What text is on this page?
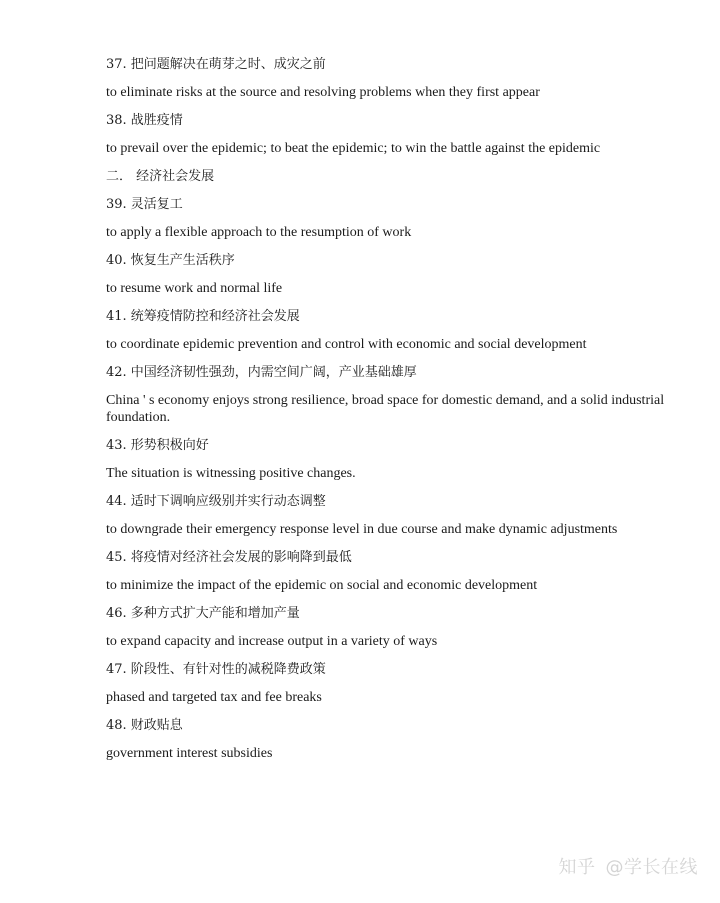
37. 把问题解决在萌芽之时、成灾之前

to eliminate risks at the source and resolving problems when they first appear

38. 战胜疫情

to prevail over the epidemic; to beat the epidemic; to win the battle against the epidemic

二． 经济社会发展

39. 灵活复工

to apply a flexible approach to the resumption of work

40. 恢复生产生活秩序

to resume work and normal life

41. 统筹疫情防控和经济社会发展

to coordinate epidemic prevention and control with economic and social development

42. 中国经济韧性强劲，内需空间广阔，产业基础雄厚

China ' s economy enjoys strong resilience, broad space for domestic demand, and a solid industrial foundation.

43. 形势积极向好

The situation is witnessing positive changes.

44. 适时下调响应级别并实行动态调整

to downgrade their emergency response level in due course and make dynamic adjustments

45. 将疫情对经济社会发展的影响降到最低

to minimize the impact of the epidemic on social and economic development

46. 多种方式扩大产能和增加产量

to expand capacity and increase output in a variety of ways

47. 阶段性、有针对性的减税降费政策

phased and targeted tax and fee breaks

48. 财政贴息

government interest subsidies

知乎 @学长在线
